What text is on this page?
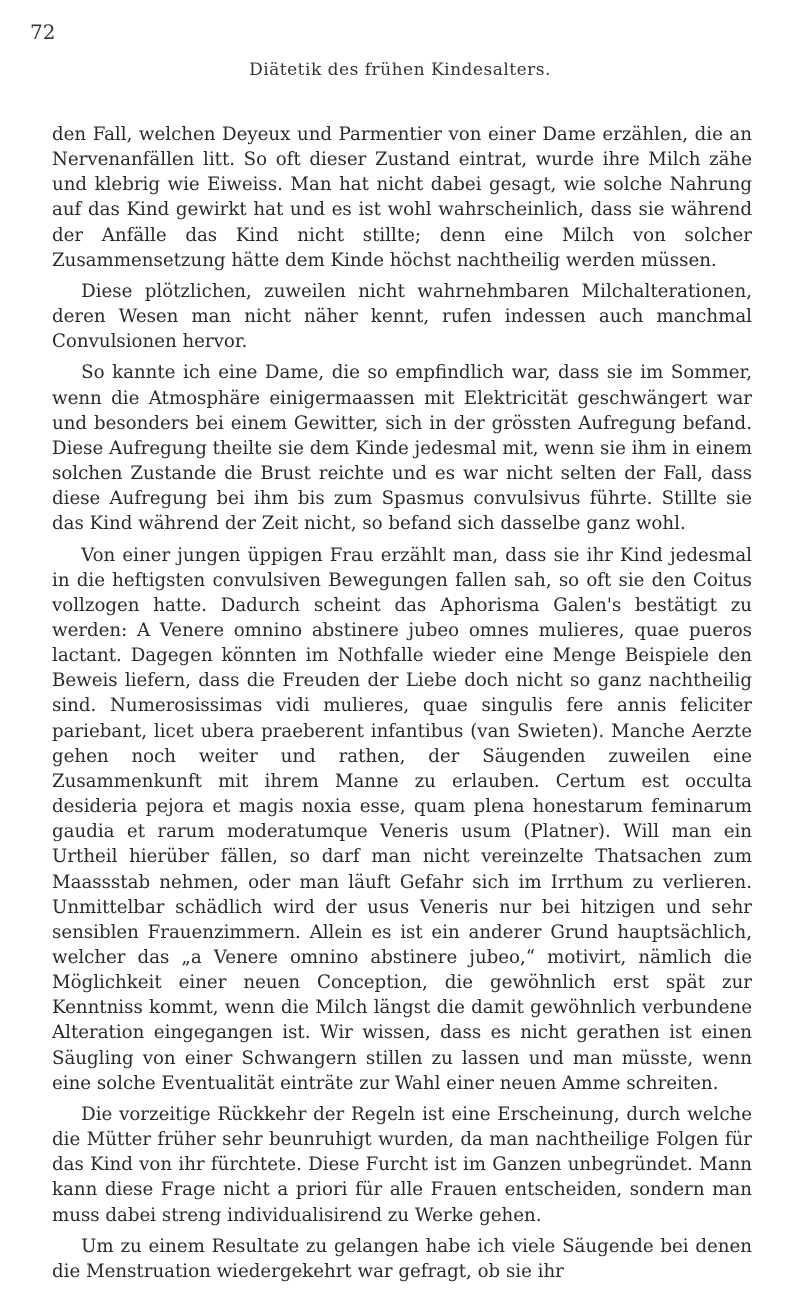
72
Diätetik des frühen Kindesalters.

den Fall, welchen Deyeux und Parmentier von einer Dame erzählen, die an Nervenanfällen litt. So oft dieser Zustand eintrat, wurde ihre Milch zähe und klebrig wie Eiweiss. Man hat nicht dabei gesagt, wie solche Nahrung auf das Kind gewirkt hat und es ist wohl wahrscheinlich, dass sie während der Anfälle das Kind nicht stillte; denn eine Milch von solcher Zusammensetzung hätte dem Kinde höchst nachtheilig werden müssen.

Diese plötzlichen, zuweilen nicht wahrnehmbaren Milchalterationen, deren Wesen man nicht näher kennt, rufen indessen auch manchmal Convulsionen hervor.

So kannte ich eine Dame, die so empfindlich war, dass sie im Sommer, wenn die Atmosphäre einigermaassen mit Elektricität geschwängert war und besonders bei einem Gewitter, sich in der grössten Aufregung befand. Diese Aufregung theilte sie dem Kinde jedesmal mit, wenn sie ihm in einem solchen Zustande die Brust reichte und es war nicht selten der Fall, dass diese Aufregung bei ihm bis zum Spasmus convulsivus führte. Stillte sie das Kind während der Zeit nicht, so befand sich dasselbe ganz wohl.

Von einer jungen üppigen Frau erzählt man, dass sie ihr Kind jedesmal in die heftigsten convulsiven Bewegungen fallen sah, so oft sie den Coitus vollzogen hatte. Dadurch scheint das Aphorisma Galen's bestätigt zu werden: A Venere omnino abstinere jubeo omnes mulieres, quae pueros lactant. Dagegen könnten im Nothfalle wieder eine Menge Beispiele den Beweis liefern, dass die Freuden der Liebe doch nicht so ganz nachtheilig sind. Numerosissimas vidi mulieres, quae singulis fere annis feliciter pariebant, licet ubera praeberent infantibus (van Swieten). Manche Aerzte gehen noch weiter und rathen, der Säugenden zuweilen eine Zusammenkunft mit ihrem Manne zu erlauben. Certum est occulta desideria pejora et magis noxia esse, quam plena honestarum feminarum gaudia et rarum moderatumque Veneris usum (Platner). Will man ein Urtheil hierüber fällen, so darf man nicht vereinzelte Thatsachen zum Maassstab nehmen, oder man läuft Gefahr sich im Irrthum zu verlieren. Unmittelbar schädlich wird der usus Veneris nur bei hitzigen und sehr sensiblen Frauenzimmern. Allein es ist ein anderer Grund hauptsächlich, welcher das „a Venere omnino abstinere jubeo,“ motivirt, nämlich die Möglichkeit einer neuen Conception, die gewöhnlich erst spät zur Kenntniss kommt, wenn die Milch längst die damit gewöhnlich verbundene Alteration eingegangen ist. Wir wissen, dass es nicht gerathen ist einen Säugling von einer Schwangern stillen zu lassen und man müsste, wenn eine solche Eventualität einträte zur Wahl einer neuen Amme schreiten.

Die vorzeitige Rückkehr der Regeln ist eine Erscheinung, durch welche die Mütter früher sehr beunruhigt wurden, da man nachtheilige Folgen für das Kind von ihr fürchtete. Diese Furcht ist im Ganzen unbegründet. Mann kann diese Frage nicht a priori für alle Frauen entscheiden, sondern man muss dabei streng individualisirend zu Werke gehen.

Um zu einem Resultate zu gelangen habe ich viele Säugende bei denen die Menstruation wiedergekehrt war gefragt, ob sie ihr
